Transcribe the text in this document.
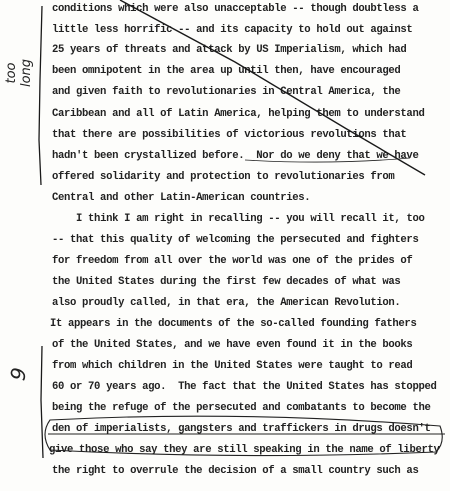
conditions which were also unacceptable -- though doubtless a
little less horrific -- and its capacity to hold out against
25 years of threats and attack by US Imperialism, which had
been omnipotent in the area up until then, have encouraged
and given faith to revolutionaries in Central America, the
Caribbean and all of Latin America, helping them to understand
that there are possibilities of victorious revolutions that
hadn't been crystallized before.  Nor do we deny that we have
offered solidarity and protection to revolutionaries from
Central and other Latin-American countries.
I think I am right in recalling -- you will recall it, too
-- that this quality of welcoming the persecuted and fighters
for freedom from all over the world was one of the prides of
the United States during the first few decades of what was
also proudly called, in that era, the American Revolution.
It appears in the documents of the so-called founding fathers
of the United States, and we have even found it in the books
from which children in the United States were taught to read
60 or 70 years ago.  The fact that the United States has stopped
being the refuge of the persecuted and combatants to become the
den of imperialists, gangsters and traffickers in drugs doesn't
give those who say they are still speaking in the name of liberty
the right to overrule the decision of a small country such as
too long
9
